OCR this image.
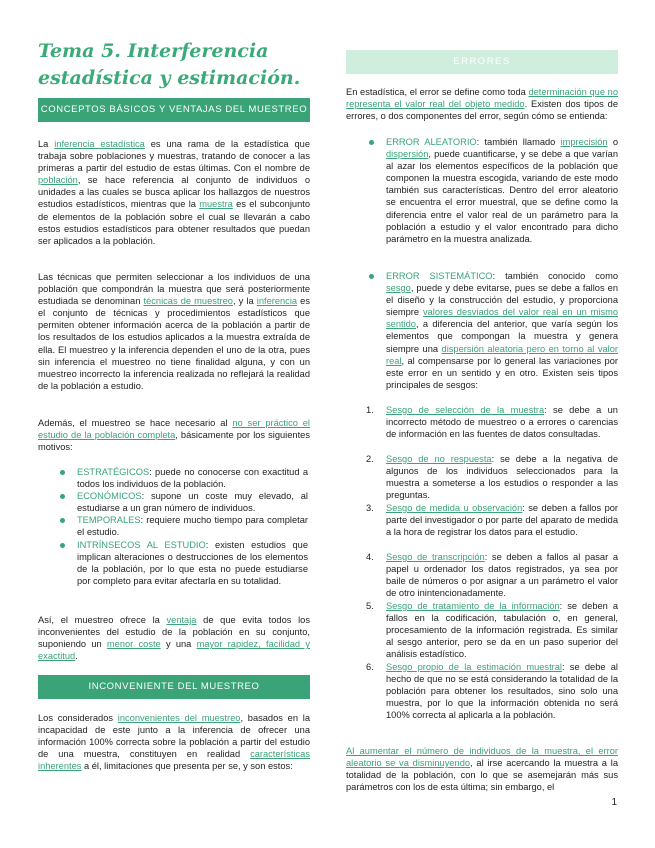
Tema 5. Interferencia estadística y estimación.
CONCEPTOS BÁSICOS Y VENTAJAS DEL MUESTREO

La inferencia estadística es una rama de la estadística que trabaja sobre poblaciones y muestras, tratando de conocer a las primeras a partir del estudio de estas últimas. Con el nombre de población, se hace referencia al conjunto de individuos o unidades a las cuales se busca aplicar los hallazgos de nuestros estudios estadísticos, mientras que la muestra es el subconjunto de elementos de la población sobre el cual se llevarán a cabo estos estudios estadísticos para obtener resultados que puedan ser aplicados a la población.

Las técnicas que permiten seleccionar a los individuos de una población que compondrán la muestra que será posteriormente estudiada se denominan técnicas de muestreo, y la inferencia es el conjunto de técnicas y procedimientos estadísticos que permiten obtener información acerca de la población a partir de los resultados de los estudios aplicados a la muestra extraída de ella. El muestreo y la inferencia dependen el uno de la otra, pues sin inferencia el muestreo no tiene finalidad alguna, y con un muestreo incorrecto la inferencia realizada no reflejará la realidad de la población a estudio.

Además, el muestreo se hace necesario al no ser práctico el estudio de la población completa, básicamente por los siguientes motivos:

ESTRATÉGICOS: puede no conocerse con exactitud a todos los individuos de la población.
ECONÓMICOS: supone un coste muy elevado, al estudiarse a un gran número de individuos.
TEMPORALES: requiere mucho tiempo para completar el estudio.
INTRÍNSECOS AL ESTUDIO: existen estudios que implican alteraciones o destrucciones de los elementos de la población, por lo que esta no puede estudiarse por completo para evitar afectarla en su totalidad.

Así, el muestreo ofrece la ventaja de que evita todos los inconvenientes del estudio de la población en su conjunto, suponiendo un menor coste y una mayor rapidez, facilidad y exactitud.

INCONVENIENTE DEL MUESTREO

Los considerados inconvenientes del muestreo, basados en la incapacidad de este junto a la inferencia de ofrecer una información 100% correcta sobre la población a partir del estudio de una muestra, constituyen en realidad características inherentes a él, limitaciones que presenta per se, y son estos:

ERRORES

En estadística, el error se define como toda determinación que no representa el valor real del objeto medido. Existen dos tipos de errores, o dos componentes del error, según cómo se entienda:

ERROR ALEATORIO: también llamado imprecisión o dispersión, puede cuantificarse, y se debe a que varían al azar los elementos específicos de la población que componen la muestra escogida, variando de este modo también sus características. Dentro del error aleatorio se encuentra el error muestral, que se define como la diferencia entre el valor real de un parámetro para la población a estudio y el valor encontrado para dicho parámetro en la muestra analizada.
ERROR SISTEMÁTICO: también conocido como sesgo, puede y debe evitarse, pues se debe a fallos en el diseño y la construcción del estudio, y proporciona siempre valores desviados del valor real en un mismo sentido, a diferencia del anterior, que varía según los elementos que compongan la muestra y genera siempre una dispersión aleatoria pero en torno al valor real, al compensarse por lo general las variaciones por este error en un sentido y en otro. Existen seis tipos principales de sesgos:
1. Sesgo de selección de la muestra: se debe a un incorrecto método de muestreo o a errores o carencias de información en las fuentes de datos consultadas.
2. Sesgo de no respuesta: se debe a la negativa de algunos de los individuos seleccionados para la muestra a someterse a los estudios o responder a las preguntas.
3. Sesgo de medida u observación: se deben a fallos por parte del investigador o por parte del aparato de medida a la hora de registrar los datos para el estudio.
4. Sesgo de transcripción: se deben a fallos al pasar a papel u ordenador los datos registrados, ya sea por baile de números o por asignar a un parámetro el valor de otro inintencionadamente.
5. Sesgo de tratamiento de la información: se deben a fallos en la codificación, tabulación o, en general, procesamiento de la información registrada. Es similar al sesgo anterior, pero se da en un paso superior del análisis estadístico.
6. Sesgo propio de la estimación muestral: se debe al hecho de que no se está considerando la totalidad de la población para obtener los resultados, sino solo una muestra, por lo que la información obtenida no será 100% correcta al aplicarla a la población.

Al aumentar el número de individuos de la muestra, el error aleatorio se va disminuyendo, al irse acercando la muestra a la totalidad de la población, con lo que se asemejarán más sus parámetros con los de esta última; sin embargo, el

1
